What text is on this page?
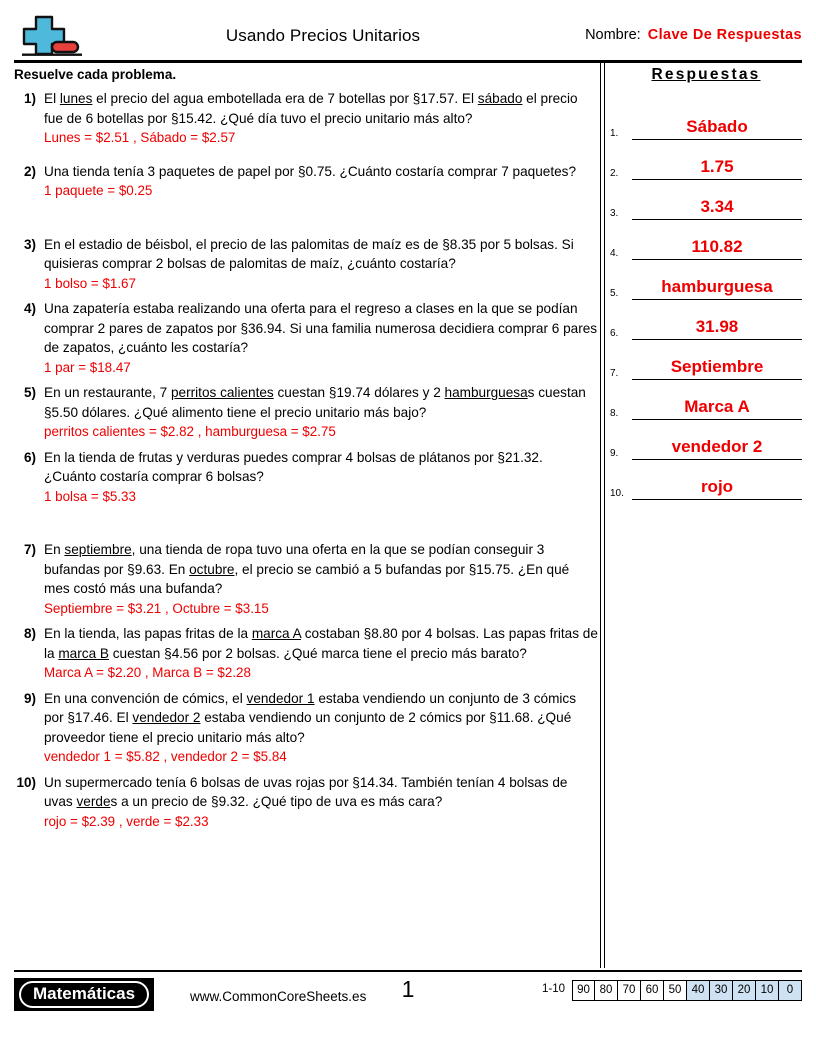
Usando Precios Unitarios	Nombre: Clave De Respuestas
Resuelve cada problema.
1) El lunes el precio del agua embotellada era de 7 botellas por §17.57. El sábado el precio fue de 6 botellas por §15.42. ¿Qué día tuvo el precio unitario más alto?
Lunes = $2.51 , Sábado = $2.57
2) Una tienda tenía 3 paquetes de papel por §0.75. ¿Cuánto costaría comprar 7 paquetes?
1 paquete = $0.25
3) En el estadio de béisbol, el precio de las palomitas de maíz es de §8.35 por 5 bolsas. Si quisieras comprar 2 bolsas de palomitas de maíz, ¿cuánto costaría?
1 bolso = $1.67
4) Una zapatería estaba realizando una oferta para el regreso a clases en la que se podían comprar 2 pares de zapatos por §36.94. Si una familia numerosa decidiera comprar 6 pares de zapatos, ¿cuánto les costaría?
1 par = $18.47
5) En un restaurante, 7 perritos calientes cuestan §19.74 dólares y 2 hamburguesas cuestan §5.50 dólares. ¿Qué alimento tiene el precio unitario más bajo?
perritos calientes = $2.82 , hamburguesa = $2.75
6) En la tienda de frutas y verduras puedes comprar 4 bolsas de plátanos por §21.32. ¿Cuánto costaría comprar 6 bolsas?
1 bolsa = $5.33
7) En septiembre, una tienda de ropa tuvo una oferta en la que se podían conseguir 3 bufandas por §9.63. En octubre, el precio se cambió a 5 bufandas por §15.75. ¿En qué mes costó más una bufanda?
Septiembre = $3.21 , Octubre = $3.15
8) En la tienda, las papas fritas de la marca A costaban §8.80 por 4 bolsas. Las papas fritas de la marca B cuestan §4.56 por 2 bolsas. ¿Qué marca tiene el precio más barato?
Marca A = $2.20 , Marca B = $2.28
9) En una convención de cómics, el vendedor 1 estaba vendiendo un conjunto de 3 cómics por §17.46. El vendedor 2 estaba vendiendo un conjunto de 2 cómics por §11.68. ¿Qué proveedor tiene el precio unitario más alto?
vendedor 1 = $5.82 , vendedor 2 = $5.84
10) Un supermercado tenía 6 bolsas de uvas rojas por §14.34. También tenían 4 bolsas de uvas verdes a un precio de §9.32. ¿Qué tipo de uva es más cara?
rojo = $2.39 , verde = $2.33
Respuestas
1.	Sábado
2.	1.75
3.	3.34
4.	110.82
5.	hamburguesa
6.	31.98
7.	Septiembre
8.	Marca A
9.	vendedor 2
10.	rojo
Matemáticas	www.CommonCoreSheets.es	1	1-10	90 80 70 60 50 40 30 20 10	0
